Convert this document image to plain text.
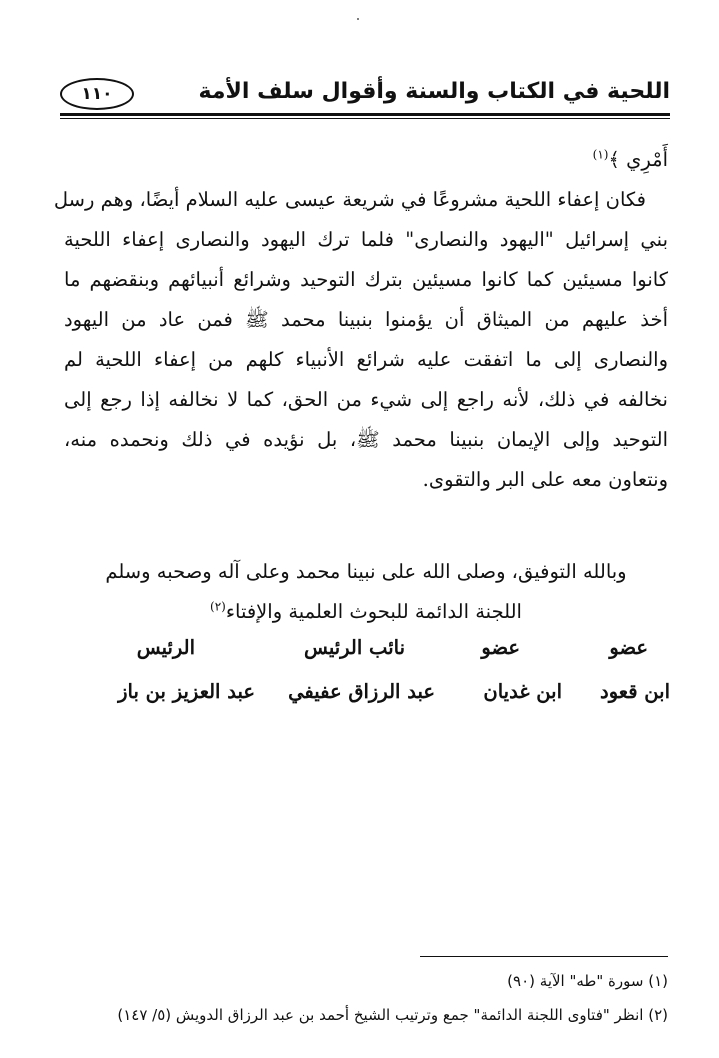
١١٠	اللحية في الكتاب والسنة وأقوال سلف الأمة
أَمْرِي ﴾$^{(١)}$
فكان إعفاء اللحية مشروعًا في شريعة عيسى عليه السلام أيضًا، وهم رسل
بني إسرائيل "اليهود والنصارى" فلما ترك اليهود والنصارى إعفاء اللحية
كانوا مسيئين كما كانوا مسيئين بترك التوحيد وشرائع أنبيائهم وبنقضهم ما
أخذ عليهم من الميثاق أن يؤمنوا بنبينا محمد ﷺ فمن عاد من اليهود
والنصارى إلى ما اتفقت عليه شرائع الأنبياء كلهم من إعفاء اللحية لم
نخالفه في ذلك، لأنه راجع إلى شيء من الحق، كما لا نخالفه إذا رجع إلى
التوحيد وإلى الإيمان بنبينا محمد ﷺ، بل نؤيده في ذلك ونحمده منه،
ونتعاون معه على البر والتقوى.
وبالله التوفيق، وصلى الله على نبينا محمد وعلى آله وصحبه وسلم
اللجنة الدائمة للبحوث العلمية والإفتاء$^{(٢)}$
عضو
عضو
نائب الرئيس
الرئيس
ابن قعود
ابن غديان
عبد الرزاق عفيفي
عبد العزيز بن باز
(١) سورة "طه" الآية (٩٠)
(٢) انظر "فتاوى اللجنة الدائمة" جمع وترتيب الشيخ أحمد بن عبد الرزاق الدويش (٥/ ١٤٧)
